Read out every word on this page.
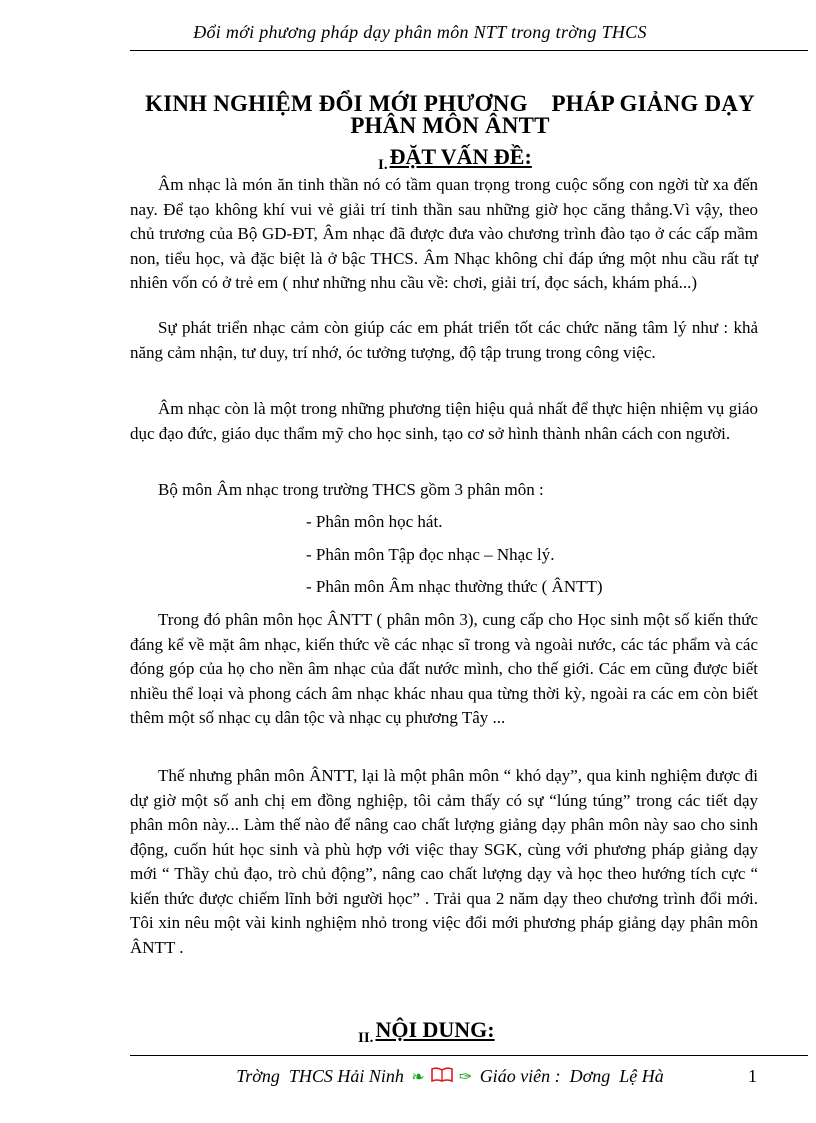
Đổi mới phương pháp dạy phân môn NTT trong trờng THCS
KINH NGHIỆM ĐỔI MỚI PHƯƠNG    PHÁP GIẢNG DẠY
PHÂN MÔN ÂNTT
$_{I.}$ĐẶT VẤN ĐỀ:
Âm nhạc là món ăn tinh thần nó có tầm quan trọng trong cuộc sống con ngời từ xa đến nay. Để tạo không khí vui vẻ giải trí tinh thần sau những giờ học căng thẳng.Vì vậy, theo chủ trương của Bộ GD-ĐT, Âm nhạc đã được đưa vào chương trình đào tạo ở các cấp mầm non, tiểu học, và đặc biệt là ở bậc THCS. Âm Nhạc không chỉ đáp ứng một nhu cầu rất tự nhiên vốn có ở trẻ em ( như những nhu cầu về: chơi, giải trí, đọc sách, khám phá...)
Sự phát triển nhạc cảm còn giúp các em phát triển tốt các chức năng tâm lý như : khả năng cảm nhận, tư duy, trí nhớ, óc tưởng tượng, độ tập trung trong công việc.
Âm nhạc còn là một trong những phương tiện hiệu quả nhất để thực hiện nhiệm vụ giáo dục đạo đức, giáo dục thẩm mỹ cho học sinh, tạo cơ sở hình thành nhân cách con người.
Bộ môn Âm nhạc trong trường THCS gồm 3 phân môn :
- Phân môn học hát.
- Phân môn Tập đọc nhạc – Nhạc lý.
- Phân môn Âm nhạc thường thức ( ÂNTT)
Trong đó phân môn học ÂNTT ( phân môn 3), cung cấp cho Học sinh một số kiến thức đáng kể về mặt âm nhạc, kiến thức về các nhạc sĩ trong và ngoài nước, các tác phẩm và các đóng góp của họ cho nền âm nhạc của đất nước mình, cho thế giới. Các em cũng được biết nhiều thể loại và phong cách âm nhạc khác nhau qua từng thời kỳ, ngoài ra các em còn biết thêm một số nhạc cụ dân tộc và nhạc cụ phương Tây ...
Thế nhưng phân môn ÂNTT, lại là một phân môn “ khó dạy”, qua kinh nghiệm được đi dự giờ một số anh chị em đồng nghiệp, tôi cảm thấy có sự “lúng túng” trong các tiết dạy phân môn này... Làm thế nào để nâng cao chất lượng giảng dạy phân môn này sao cho sinh động, cuốn hút học sinh và phù hợp với việc thay SGK, cùng với phương pháp giảng dạy mới “ Thầy chủ đạo, trò chủ động”, nâng cao chất lượng dạy và học theo hướng tích cực “ kiến thức được chiếm lĩnh bởi người học” . Trải qua 2 năm dạy theo chương trình đổi mới. Tôi xin nêu một vài kinh nghiệm nhỏ trong việc đổi mới phương pháp giảng dạy phân môn ÂNTT .
$_{II.}$NỘI DUNG:
Trờng  THCS Hải Ninh ❧ ✑ Giáo viên :  Dơng  Lệ Hà	1
